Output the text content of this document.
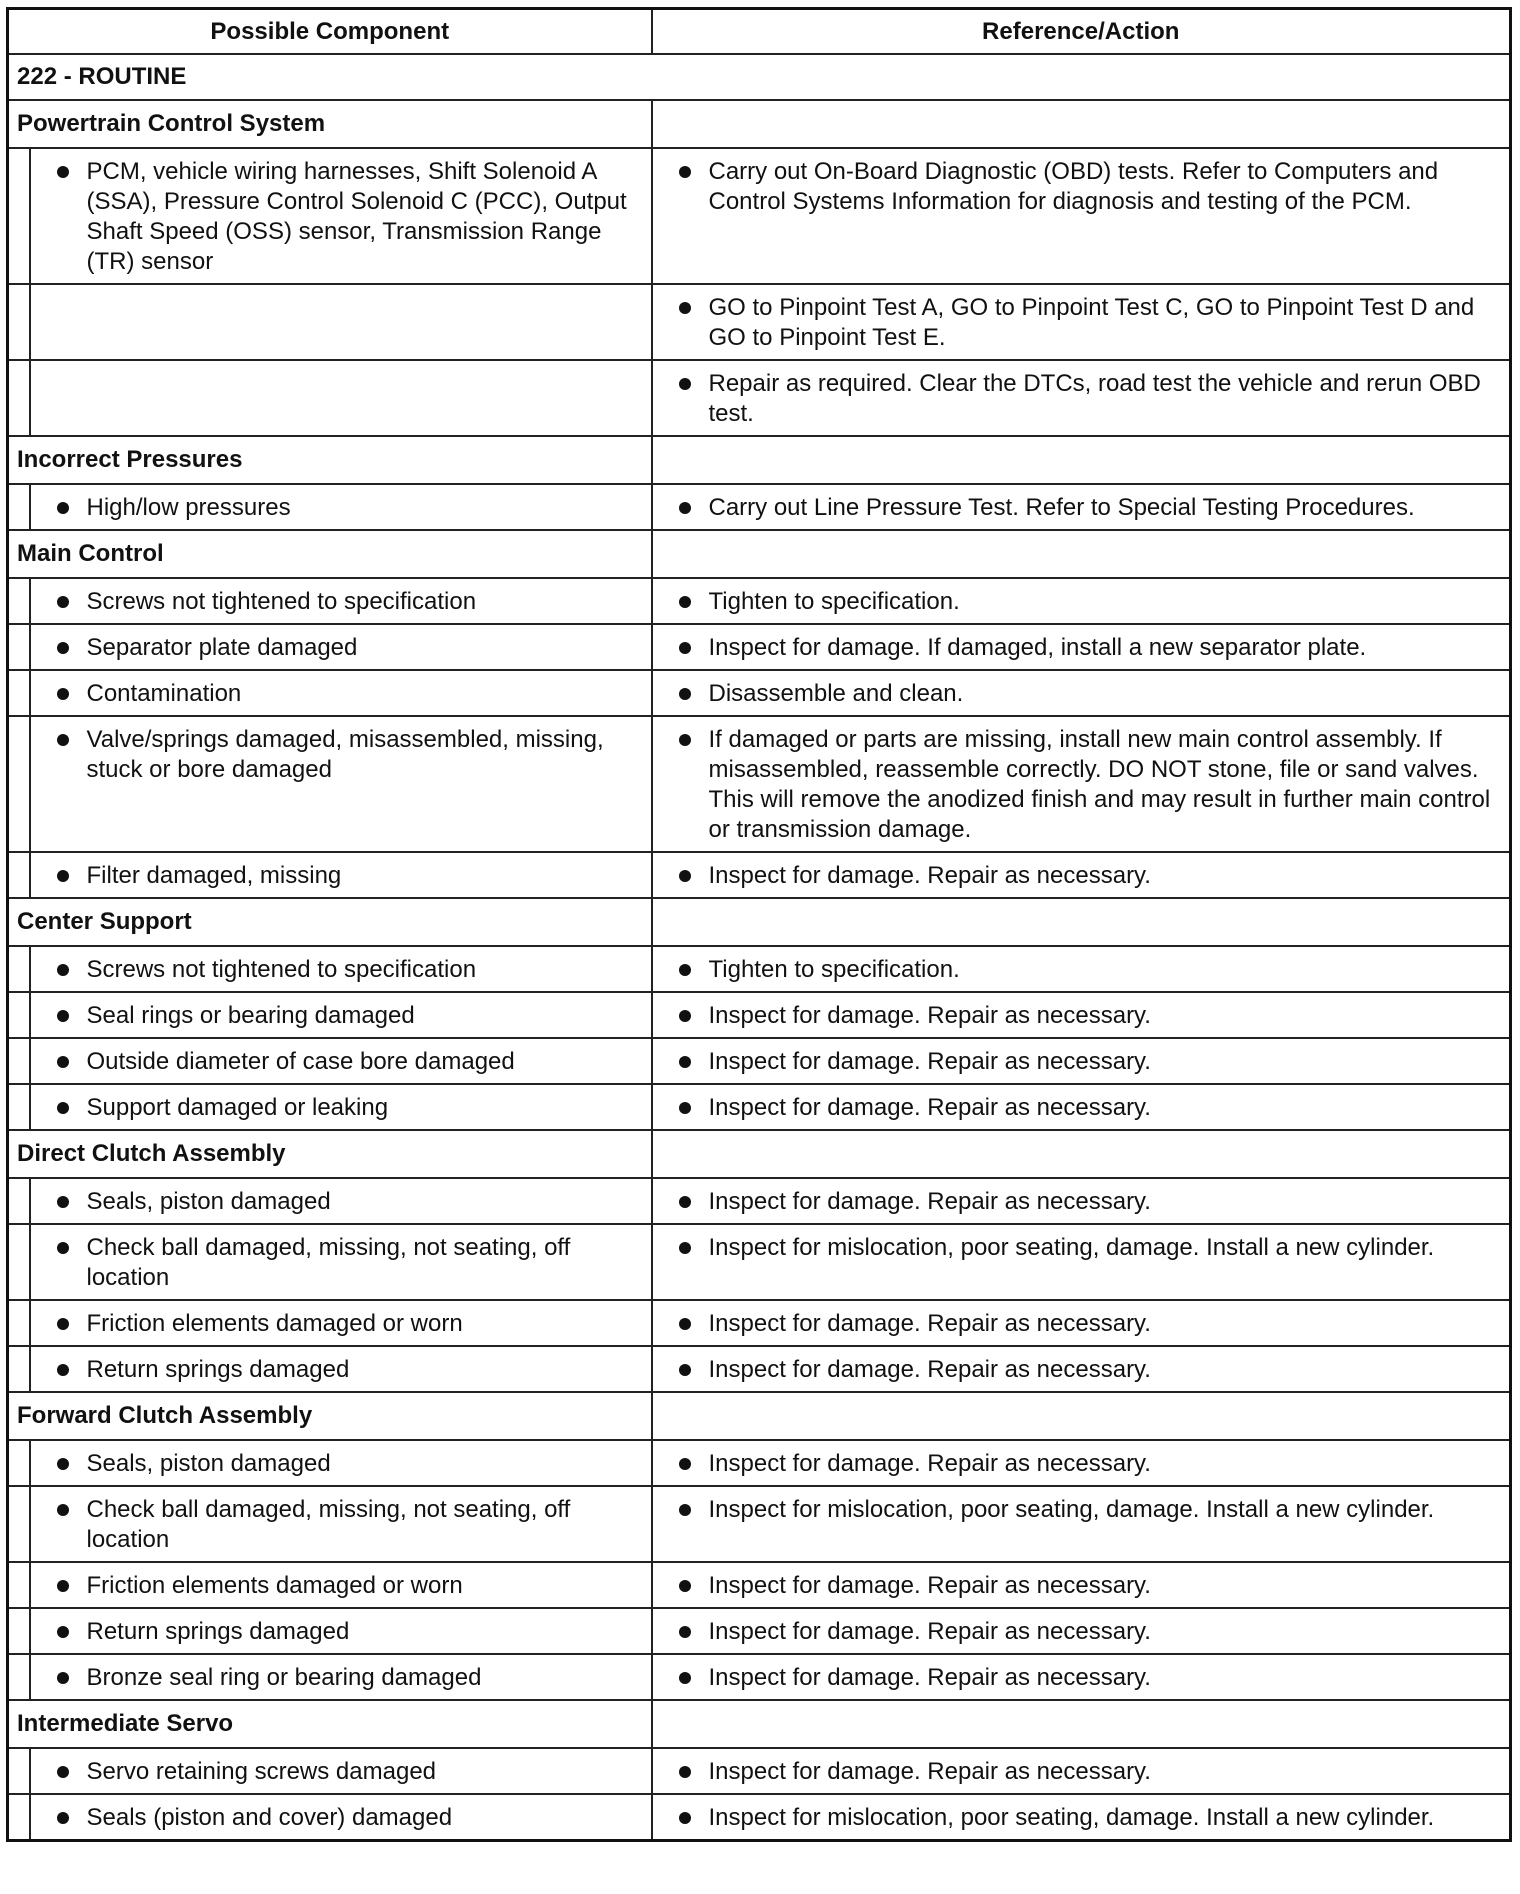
Possible Component		Reference/Action
222 - ROUTINE		
Powertrain Control System		

	PCM, vehicle wiring harnesses, Shift Solenoid A (SSA), Pressure Control Solenoid C (PCC), Output Shaft Speed (OSS) sensor, Transmission Range (TR) sensor	Carry out On-Board Diagnostic (OBD) tests. Refer to Computers and Control Systems Information for diagnosis and testing of the PCM.

		GO to Pinpoint Test A, GO to Pinpoint Test C, GO to Pinpoint Test D and GO to Pinpoint Test E.

		Repair as required. Clear the DTCs, road test the vehicle and rerun OBD test.

Incorrect Pressures		

	High/low pressures	Carry out Line Pressure Test. Refer to Special Testing Procedures.

Main Control		

	Screws not tightened to specification	Tighten to specification.

	Separator plate damaged	Inspect for damage. If damaged, install a new separator plate.

	Contamination	Disassemble and clean.

	Valve/springs damaged, misassembled, missing, stuck or bore damaged	If damaged or parts are missing, install new main control assembly. If misassembled, reassemble correctly. DO NOT stone, file or sand valves. This will remove the anodized finish and may result in further main control or transmission damage.

	Filter damaged, missing	Inspect for damage. Repair as necessary.

Center Support		

	Screws not tightened to specification	Tighten to specification.

	Seal rings or bearing damaged	Inspect for damage. Repair as necessary.

	Outside diameter of case bore damaged	Inspect for damage. Repair as necessary.

	Support damaged or leaking	Inspect for damage. Repair as necessary.

Direct Clutch Assembly		

	Seals, piston damaged	Inspect for damage. Repair as necessary.

	Check ball damaged, missing, not seating, off location	Inspect for mislocation, poor seating, damage. Install a new cylinder.

	Friction elements damaged or worn	Inspect for damage. Repair as necessary.

	Return springs damaged	Inspect for damage. Repair as necessary.

Forward Clutch Assembly		

	Seals, piston damaged	Inspect for damage. Repair as necessary.

	Check ball damaged, missing, not seating, off location	Inspect for mislocation, poor seating, damage. Install a new cylinder.

	Friction elements damaged or worn	Inspect for damage. Repair as necessary.

	Return springs damaged	Inspect for damage. Repair as necessary.

	Bronze seal ring or bearing damaged	Inspect for damage. Repair as necessary.

Intermediate Servo		

	Servo retaining screws damaged	Inspect for damage. Repair as necessary.

	Seals (piston and cover) damaged	Inspect for mislocation, poor seating, damage. Install a new cylinder.
